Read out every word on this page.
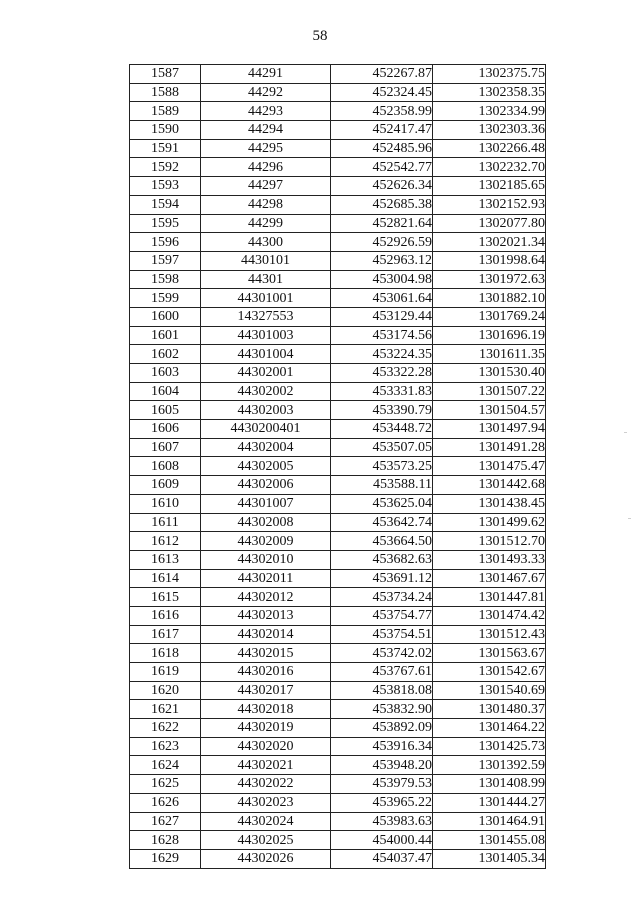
58
1587	44291	452267.87	1302375.75
1588	44292	452324.45	1302358.35
1589	44293	452358.99	1302334.99
1590	44294	452417.47	1302303.36
1591	44295	452485.96	1302266.48
1592	44296	452542.77	1302232.70
1593	44297	452626.34	1302185.65
1594	44298	452685.38	1302152.93
1595	44299	452821.64	1302077.80
1596	44300	452926.59	1302021.34
1597	4430101	452963.12	1301998.64
1598	44301	453004.98	1301972.63
1599	44301001	453061.64	1301882.10
1600	14327553	453129.44	1301769.24
1601	44301003	453174.56	1301696.19
1602	44301004	453224.35	1301611.35
1603	44302001	453322.28	1301530.40
1604	44302002	453331.83	1301507.22
1605	44302003	453390.79	1301504.57
1606	4430200401	453448.72	1301497.94
1607	44302004	453507.05	1301491.28
1608	44302005	453573.25	1301475.47
1609	44302006	453588.11	1301442.68
1610	44301007	453625.04	1301438.45
1611	44302008	453642.74	1301499.62
1612	44302009	453664.50	1301512.70
1613	44302010	453682.63	1301493.33
1614	44302011	453691.12	1301467.67
1615	44302012	453734.24	1301447.81
1616	44302013	453754.77	1301474.42
1617	44302014	453754.51	1301512.43
1618	44302015	453742.02	1301563.67
1619	44302016	453767.61	1301542.67
1620	44302017	453818.08	1301540.69
1621	44302018	453832.90	1301480.37
1622	44302019	453892.09	1301464.22
1623	44302020	453916.34	1301425.73
1624	44302021	453948.20	1301392.59
1625	44302022	453979.53	1301408.99
1626	44302023	453965.22	1301444.27
1627	44302024	453983.63	1301464.91
1628	44302025	454000.44	1301455.08
1629	44302026	454037.47	1301405.34
